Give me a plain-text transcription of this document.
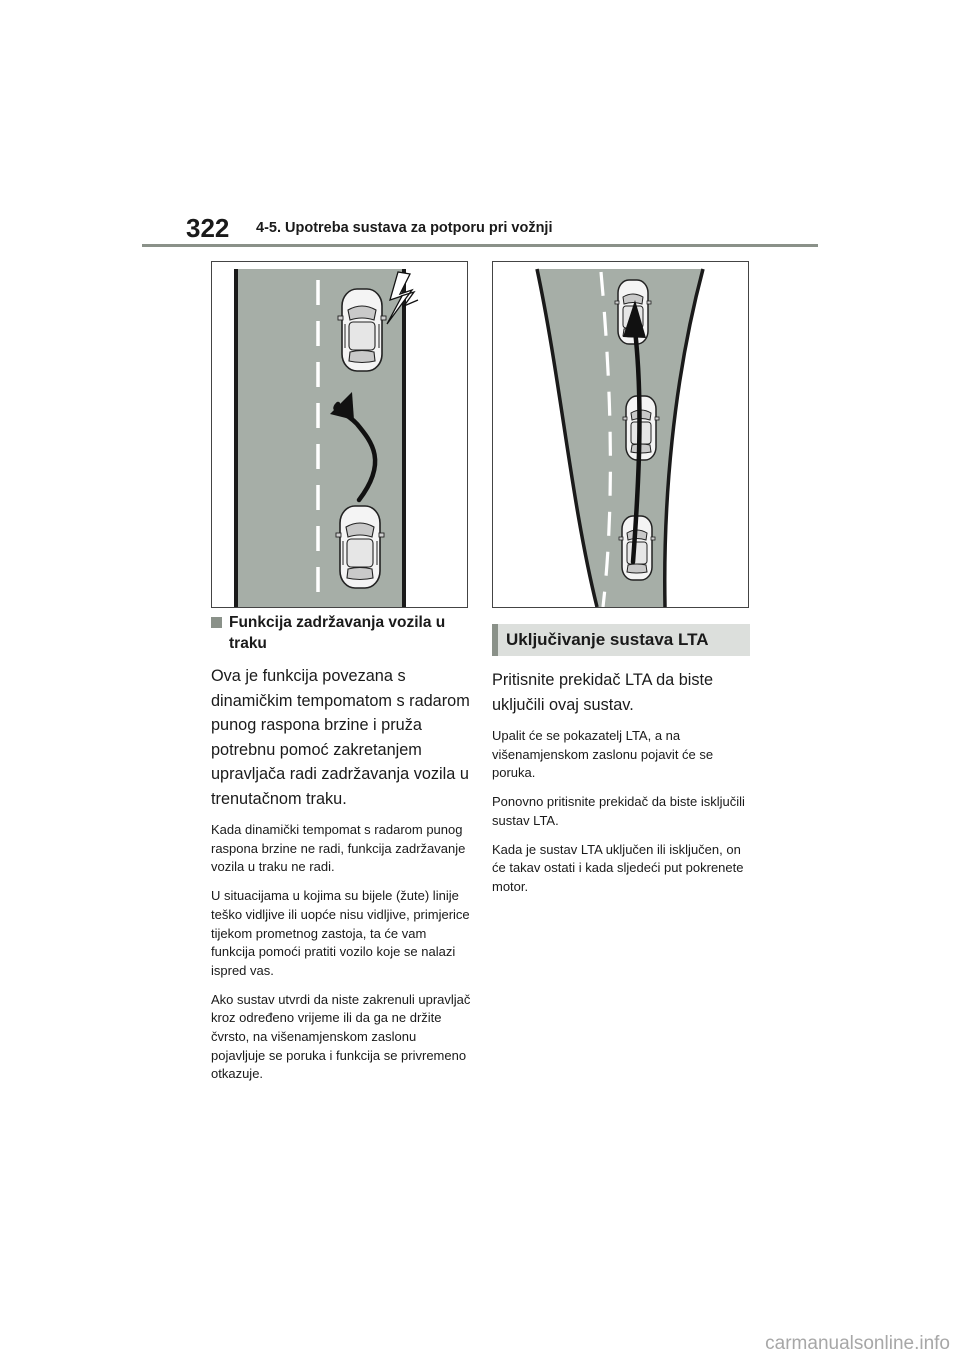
322 4-5. Upotreba sustava za potporu pri vožnji
Funkcija zadržavanja vozila u traku

Ova je funkcija povezana s dinamičkim tempomatom s radarom punog raspona brzine i pruža potrebnu pomoć zakretanjem upravljača radi zadržavanja vozila u trenutačnom traku.

Kada dinamički tempomat s radarom punog raspona brzine ne radi, funkcija zadržavanje vozila u traku ne radi.

U situacijama u kojima su bijele (žute) linije teško vidljive ili uopće nisu vidljive, primjerice tijekom prometnog zastoja, ta će vam funkcija pomoći pratiti vozilo koje se nalazi ispred vas.

Ako sustav utvrdi da niste zakrenuli upravljač kroz određeno vrijeme ili da ga ne držite čvrsto, na višenamjenskom zaslonu pojavljuje se poruka i funkcija se privremeno otkazuje.

Uključivanje sustava LTA

Pritisnite prekidač LTA da biste uključili ovaj sustav.

Upalit će se pokazatelj LTA, a na višenamjenskom zaslonu pojavit će se poruka.

Ponovno pritisnite prekidač da biste isključili sustav LTA.

Kada je sustav LTA uključen ili isključen, on će takav ostati i kada sljedeći put pokrenete motor.

carmanualsonline.info
